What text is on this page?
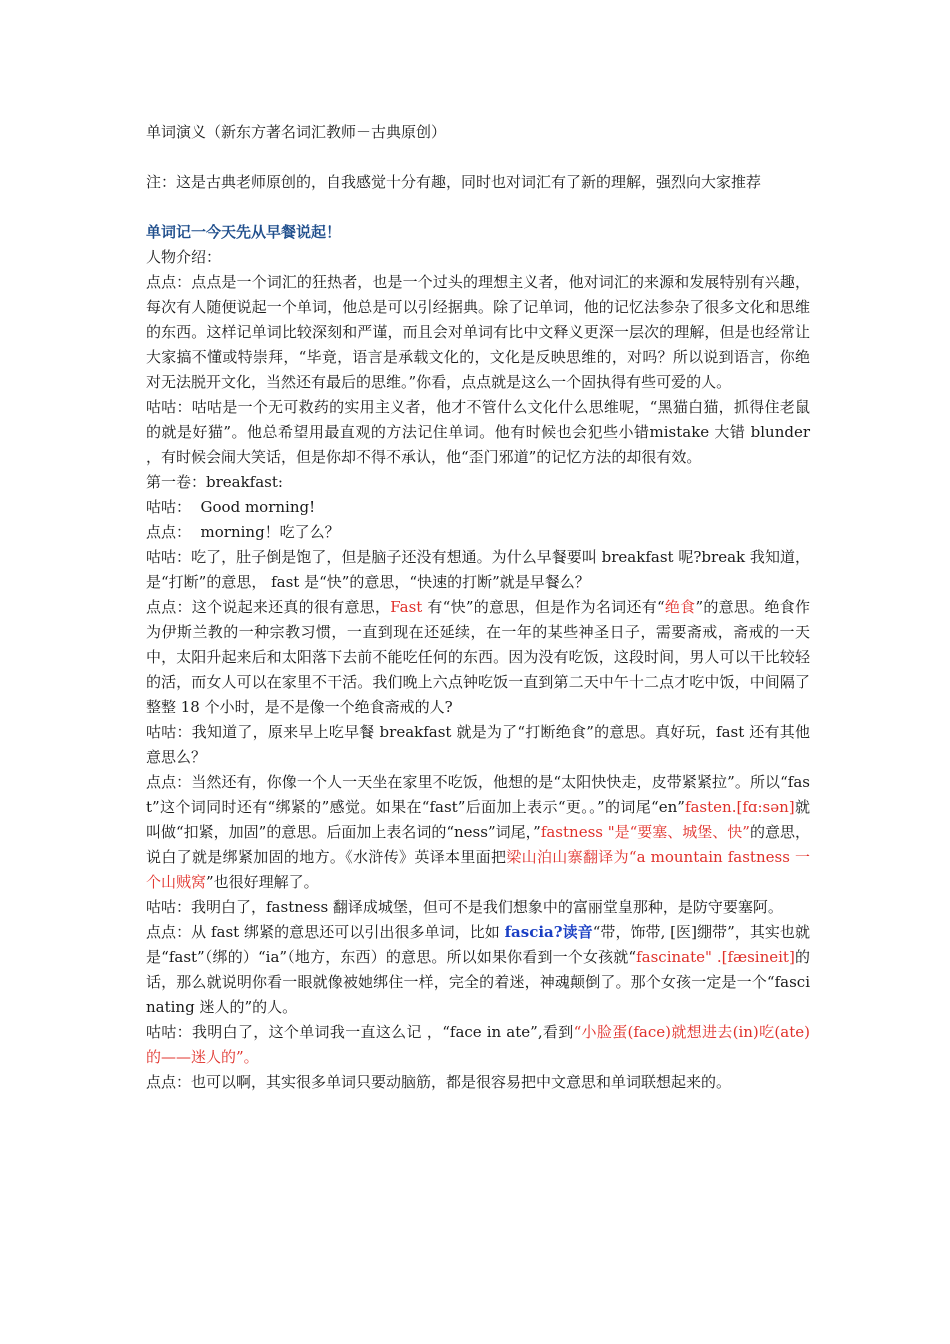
单词演义（新东方著名词汇教师－古典原创）

注：这是古典老师原创的，自我感觉十分有趣，同时也对词汇有了新的理解，强烈向大家推荐

单词记一今天先从早餐说起！

人物介绍：

点点：点点是一个词汇的狂热者，也是一个过头的理想主义者，他对词汇的来源和发展特别有兴趣，每次有人随便说起一个单词，他总是可以引经据典。除了记单词，他的记忆法参杂了很多文化和思维的东西。这样记单词比较深刻和严谨，而且会对单词有比中文释义更深一层次的理解，但是也经常让大家搞不懂或特崇拜，“毕竟，语言是承载文化的，文化是反映思维的，对吗？所以说到语言，你绝对无法脱开文化，当然还有最后的思维。”你看，点点就是这么一个固执得有些可爱的人。

咕咕：咕咕是一个无可救药的实用主义者，他才不管什么文化什么思维呢，“黑猫白猫，抓得住老鼠的就是好猫”。他总希望用最直观的方法记住单词。他有时候也会犯些小错mistake 大错 blunder ，有时候会闹大笑话，但是你却不得不承认，他“歪门邪道”的记忆方法的却很有效。

第一卷：breakfast:

咕咕：  Good morning!

点点：  morning！吃了么？

咕咕：吃了，肚子倒是饱了，但是脑子还没有想通。为什么早餐要叫 breakfast 呢?break 我知道，是“打断”的意思， fast 是“快”的意思，“快速的打断”就是早餐么？

点点：这个说起来还真的很有意思，Fast 有“快”的意思，但是作为名词还有“绝食”的意思。绝食作为伊斯兰教的一种宗教习惯，一直到现在还延续，在一年的某些神圣日子，需要斋戒，斋戒的一天中，太阳升起来后和太阳落下去前不能吃任何的东西。因为没有吃饭，这段时间，男人可以干比较轻的活，而女人可以在家里不干活。我们晚上六点钟吃饭一直到第二天中午十二点才吃中饭，中间隔了整整 18 个小时，是不是像一个绝食斋戒的人?

咕咕：我知道了，原来早上吃早餐 breakfast 就是为了“打断绝食”的意思。真好玩，fast 还有其他意思么？

点点：当然还有，你像一个人一天坐在家里不吃饭，他想的是“太阳快快走，皮带紧紧拉”。所以“fast”这个词同时还有“绑紧的”感觉。如果在“fast”后面加上表示“更。。”的词尾“en”fasten.[fɑ:sən]就叫做“扣紧，加固”的意思。后面加上表名词的“ness”词尾，”fastness "是“要塞、城堡、快”的意思，说白了就是绑紧加固的地方。《水浒传》英译本里面把梁山泊山寨翻译为“a mountain fastness 一个山贼窝”也很好理解了。

咕咕：我明白了，fastness 翻译成城堡，但可不是我们想象中的富丽堂皇那种，是防守要塞阿。

点点：从 fast 绑紧的意思还可以引出很多单词，比如 fascia?读音“带，饰带, [医]绷带”，其实也就是“fast”（绑的）“ia”（地方，东西）的意思。所以如果你看到一个女孩就“fascinate" .[fæsineit]的话，那么就说明你看一眼就像被她绑住一样，完全的着迷，神魂颠倒了。那个女孩一定是一个“fascinating 迷人的”的人。

咕咕：我明白了，这个单词我一直这么记 ，“face in ate”,看到“小脸蛋(face)就想进去(in)吃(ate)的——迷人的”。

点点：也可以啊，其实很多单词只要动脑筋，都是很容易把中文意思和单词联想起来的。
